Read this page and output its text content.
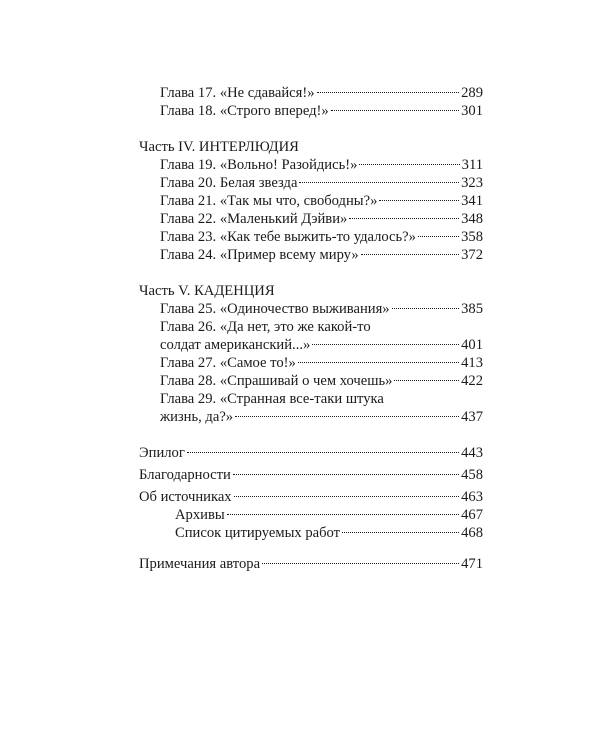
Глава 17. «Не сдавайся!»	289
Глава 18. «Строго вперед!»	301
Часть IV. ИНТЕРЛЮДИЯ
Глава 19. «Вольно! Разойдись!»	311
Глава 20. Белая звезда	323
Глава 21. «Так мы что, свободны?»	341
Глава 22. «Маленький Дэйви»	348
Глава 23. «Как тебе выжить-то удалось?»	358
Глава 24. «Пример всему миру»	372
Часть V. КАДЕНЦИЯ
Глава 25. «Одиночество выживания»	385
Глава 26. «Да нет, это же какой-то
солдат американский...»	401
Глава 27. «Самое то!»	413
Глава 28. «Спрашивай о чем хочешь»	422
Глава 29. «Странная все-таки штука
жизнь, да?»	437
Эпилог	443
Благодарности	458
Об источниках	463
Архивы	467
Список цитируемых работ	468
Примечания автора	471
